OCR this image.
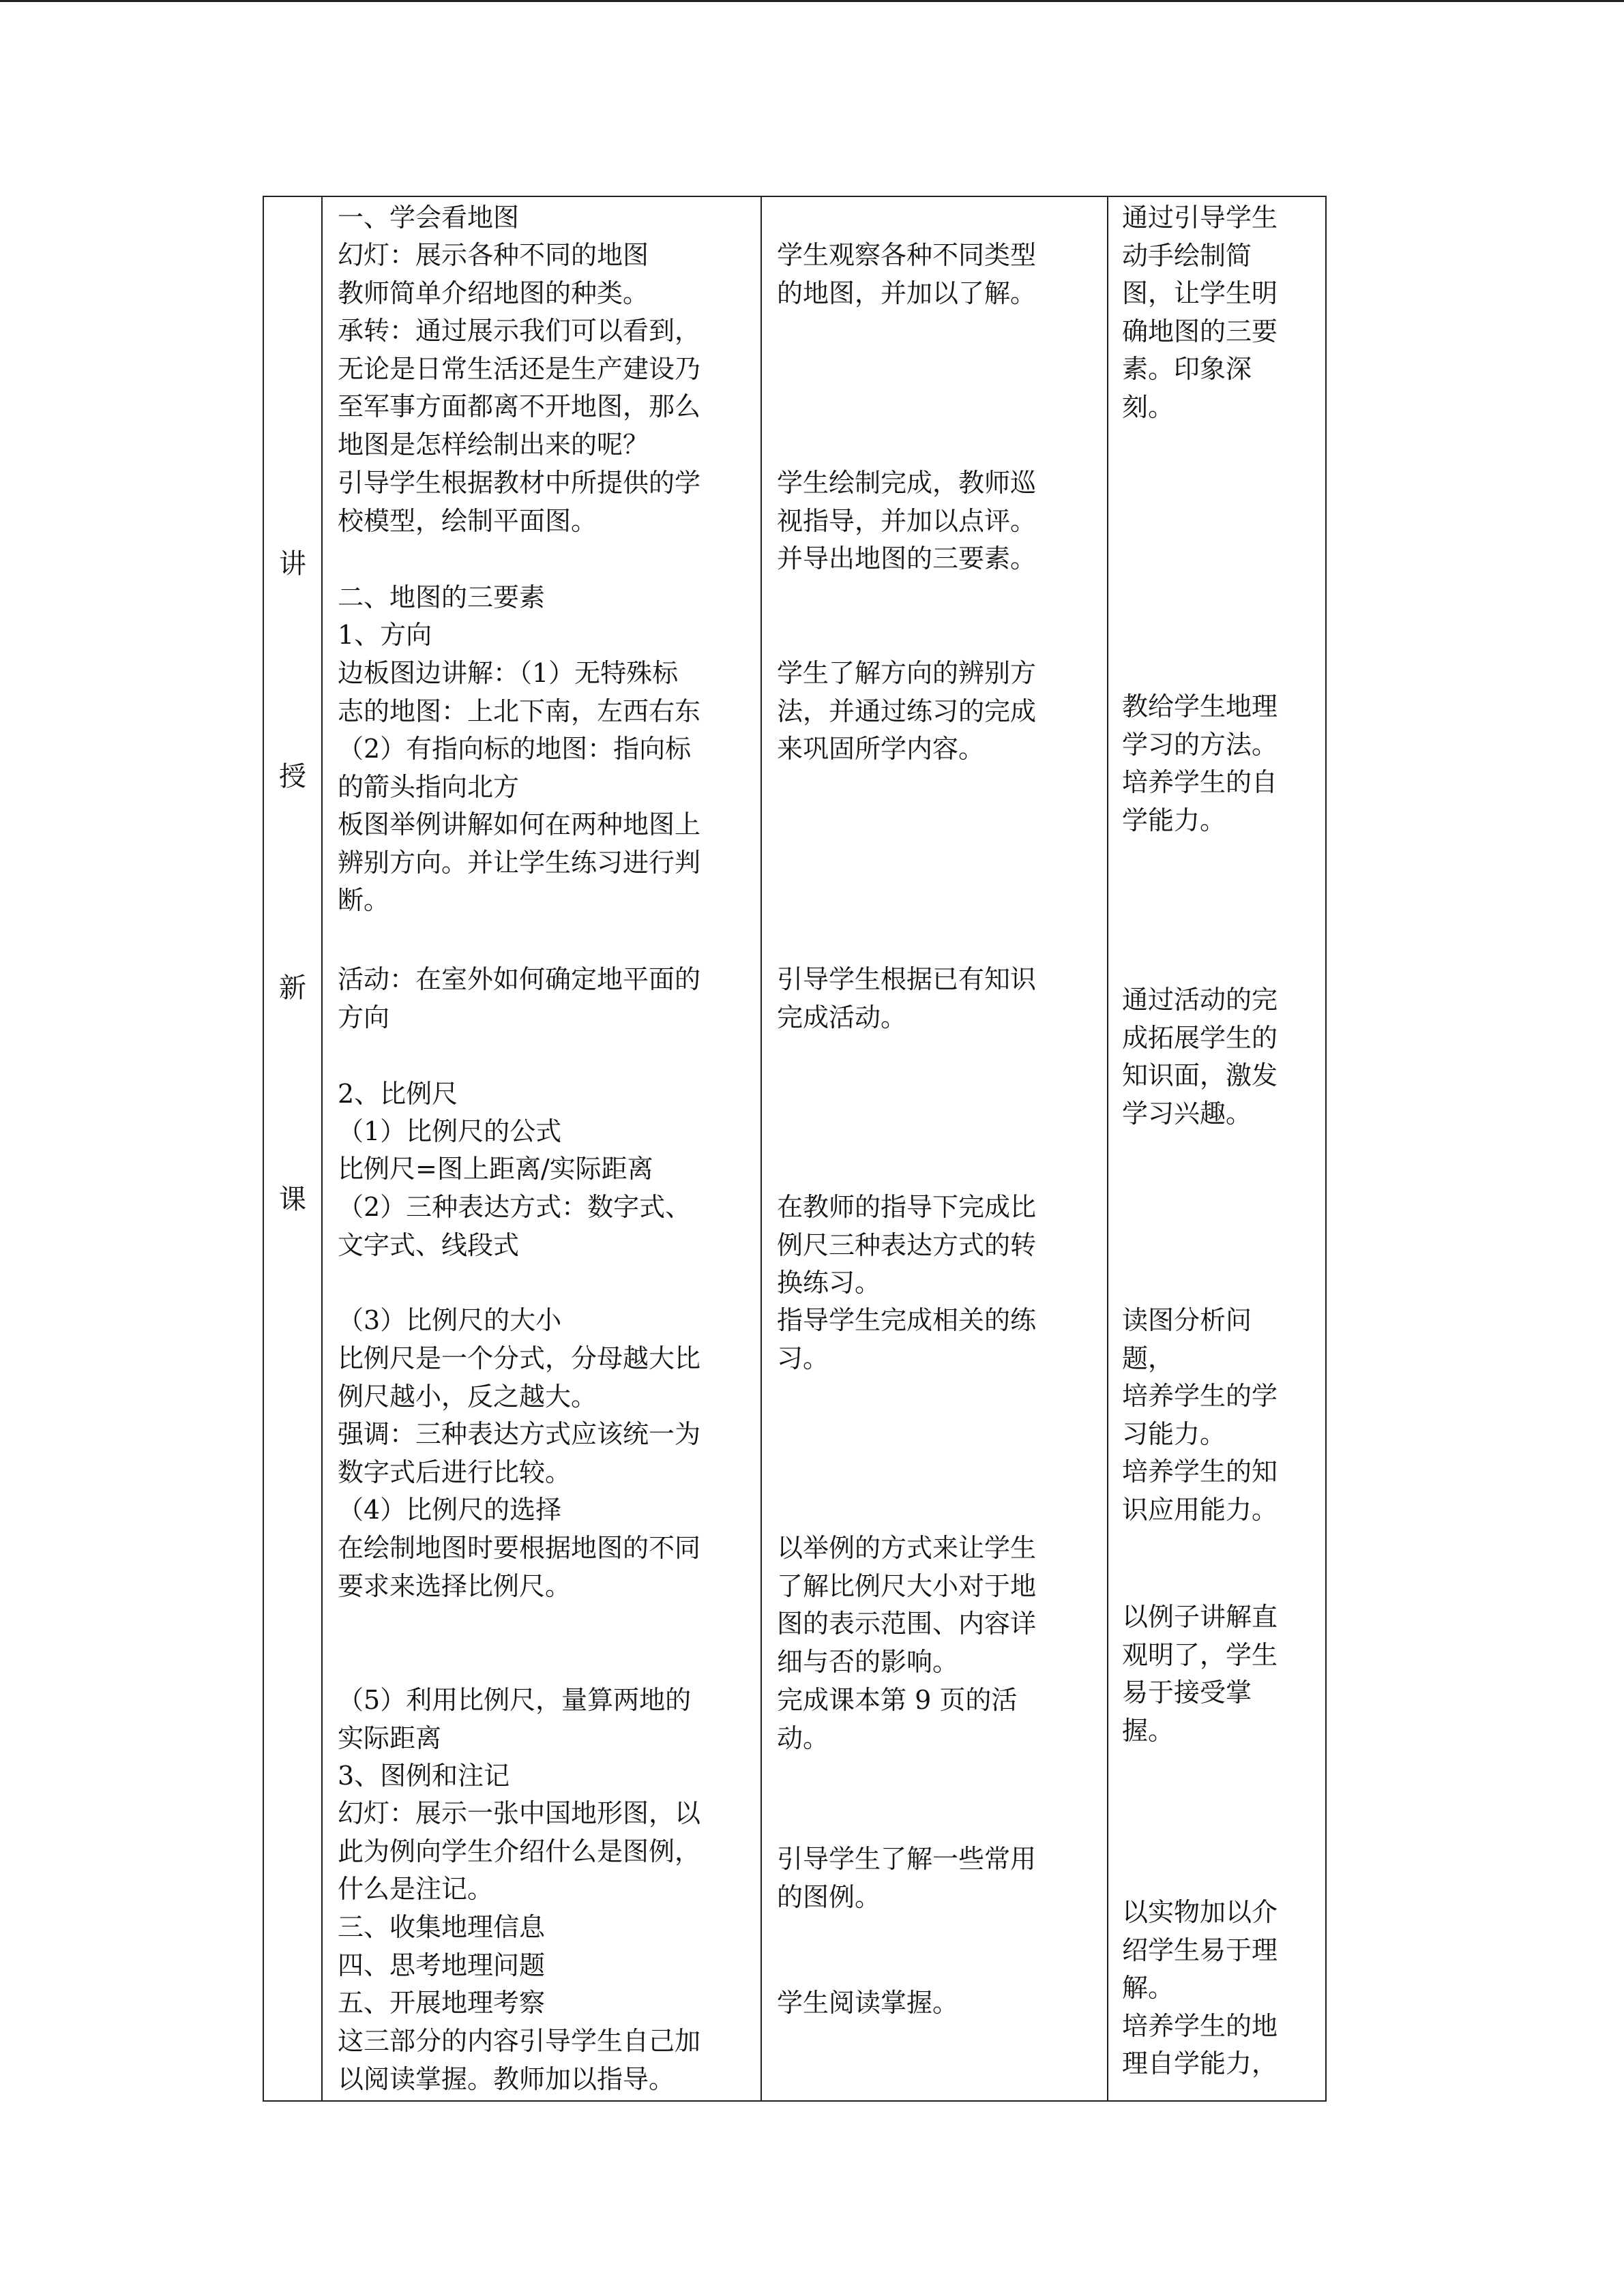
讲
授
新
课

一、学会看地图

幻灯：展示各种不同的地图

教师简单介绍地图的种类。

承转：通过展示我们可以看到，
无论是日常生活还是生产建设乃
至军事方面都离不开地图，那么
地图是怎样绘制出来的呢？

引导学生根据教材中所提供的学
校模型，绘制平面图。

二、地图的三要素

1、方向

边板图边讲解：（1）无特殊标
志的地图：上北下南，左西右东
（2）有指向标的地图：指向标
的箭头指向北方

板图举例讲解如何在两种地图上
辨别方向。并让学生练习进行判
断。

活动：在室外如何确定地平面的
方向

2、比例尺

（1）比例尺的公式

比例尺=图上距离/实际距离

（2）三种表达方式：数字式、
文字式、线段式

（3）比例尺的大小

比例尺是一个分式，分母越大比
例尺越小，反之越大。

强调：三种表达方式应该统一为
数字式后进行比较。

（4）比例尺的选择

在绘制地图时要根据地图的不同
要求来选择比例尺。

（5）利用比例尺，量算两地的
实际距离

3、图例和注记

幻灯：展示一张中国地形图，以
此为例向学生介绍什么是图例，
什么是注记。

三、收集地理信息

四、思考地理问题

五、开展地理考察

这三部分的内容引导学生自己加
以阅读掌握。教师加以指导。

学生观察各种不同类型
的地图，并加以了解。

学生绘制完成，教师巡
视指导，并加以点评。
并导出地图的三要素。

学生了解方向的辨别方
法，并通过练习的完成
来巩固所学内容。

引导学生根据已有知识
完成活动。

在教师的指导下完成比
例尺三种表达方式的转
换练习。

指导学生完成相关的练
习。

以举例的方式来让学生
了解比例尺大小对于地
图的表示范围、内容详
细与否的影响。

完成课本第 9 页的活
动。

引导学生了解一些常用
的图例。

学生阅读掌握。

通过引导学生
动手绘制简
图，让学生明
确地图的三要
素。印象深
刻。

教给学生地理
学习的方法。
培养学生的自
学能力。

通过活动的完
成拓展学生的
知识面，激发
学习兴趣。

读图分析问
题，
培养学生的学
习能力。
培养学生的知
识应用能力。

以例子讲解直
观明了，学生
易于接受掌
握。

以实物加以介
绍学生易于理
解。
培养学生的地
理自学能力，
